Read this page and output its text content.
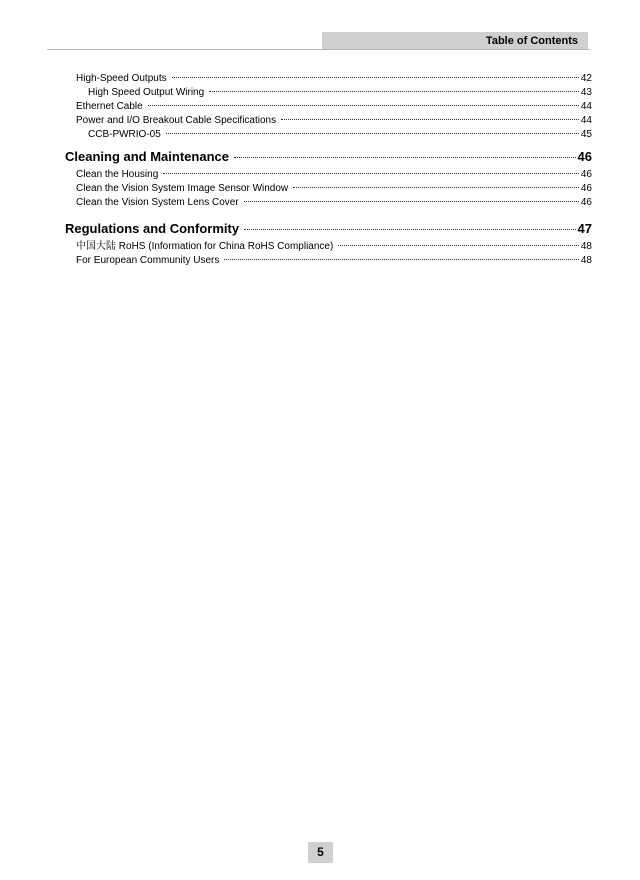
Table of Contents
High-Speed Outputs	42
High Speed Output Wiring	43
Ethernet Cable	44
Power and I/O Breakout Cable Specifications	44
CCB-PWRIO-05	45
Cleaning and Maintenance	46
Clean the Housing	46
Clean the Vision System Image Sensor Window	46
Clean the Vision System Lens Cover	46
Regulations and Conformity	47
中国大陆 RoHS (Information for China RoHS Compliance)	48
For European Community Users	48
5
